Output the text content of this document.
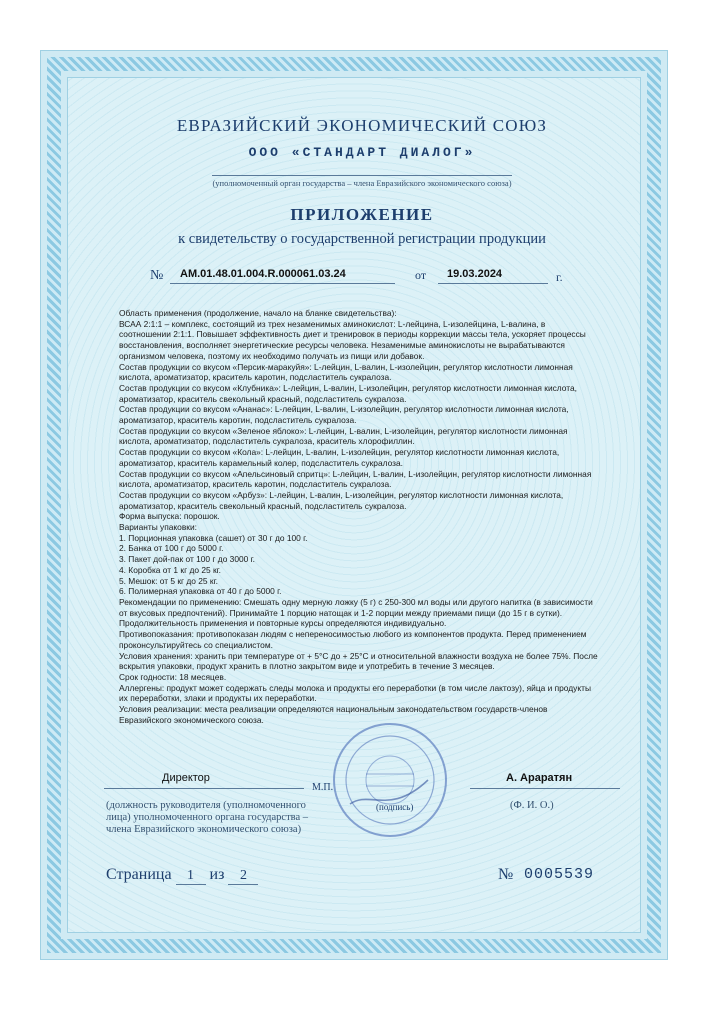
ЕВРАЗИЙСКИЙ ЭКОНОМИЧЕСКИЙ СОЮЗ
ООО «СТАНДАРТ ДИАЛОГ»
(уполномоченный орган государства – члена Евразийского экономического союза)
ПРИЛОЖЕНИЕ
к свидетельству о государственной регистрации продукции
№ AM.01.48.01.004.R.000061.03.24	от 19.03.2024	г.

Область применения (продолжение, начало на бланке свидетельства):

ВСАА 2:1:1 – комплекс, состоящий из трех незаменимых аминокислот: L-лейцина, L-изолейцина, L-валина, в соотношении 2:1:1. Повышает эффективность диет и тренировок в периоды коррекции массы тела, ускоряет процессы восстановления, восполняет энергетические ресурсы человека. Незаменимые аминокислоты не вырабатываются организмом человека, поэтому их необходимо получать из пищи или добавок.

Состав продукции со вкусом «Персик-маракуйя»: L-лейцин, L-валин, L-изолейцин, регулятор кислотности лимонная кислота, ароматизатор, краситель каротин, подсластитель сукралоза.

Состав продукции со вкусом «Клубника»: L-лейцин, L-валин, L-изолейцин, регулятор кислотности лимонная кислота, ароматизатор, краситель свекольный красный, подсластитель сукралоза.

Состав продукции со вкусом «Ананас»: L-лейцин, L-валин, L-изолейцин, регулятор кислотности лимонная кислота, ароматизатор, краситель каротин, подсластитель сукралоза.

Состав продукции со вкусом «Зеленое яблоко»: L-лейцин, L-валин, L-изолейцин, регулятор кислотности лимонная кислота, ароматизатор, подсластитель сукралоза, краситель хлорофиллин.

Состав продукции со вкусом «Кола»: L-лейцин, L-валин, L-изолейцин, регулятор кислотности лимонная кислота, ароматизатор, краситель карамельный колер, подсластитель сукралоза.

Состав продукции со вкусом «Апельсиновый спритц»: L-лейцин, L-валин, L-изолейцин, регулятор кислотности лимонная кислота, ароматизатор, краситель каротин, подсластитель сукралоза.

Состав продукции со вкусом «Арбуз»: L-лейцин, L-валин, L-изолейцин, регулятор кислотности лимонная кислота, ароматизатор, краситель свекольный красный, подсластитель сукралоза.

Форма выпуска: порошок.

Варианты упаковки:

1. Порционная упаковка (сашет) от 30 г до 100 г.

2. Банка от 100 г до 5000 г.

3. Пакет дой-пак от 100 г до 3000 г.

4. Коробка от 1 кг до 25 кг.

5. Мешок: от 5 кг до 25 кг.

6. Полимерная упаковка от 40 г до 5000 г.

Рекомендации по применению: Смешать одну мерную ложку (5 г) с 250-300 мл воды или другого напитка (в зависимости от вкусовых предпочтений). Принимайте 1 порцию натощак и 1-2 порции между приемами пищи (до 15 г в сутки). Продолжительность применения и повторные курсы определяются индивидуально.

Противопоказания: противопоказан людям с непереносимостью любого из компонентов продукта. Перед применением проконсультируйтесь со специалистом.

Условия хранения: хранить при температуре от + 5°С до + 25°С и относительной влажности воздуха не более 75%. После вскрытия упаковки, продукт хранить в плотно закрытом виде и употребить в течение 3 месяцев.

Срок годности: 18 месяцев.

Аллергены: продукт может содержать следы молока и продукты его переработки (в том числе лактозу), яйца и продукты их переработки, злаки и продукты их переработки.

Условия реализации: места реализации определяются национальным законодательством государств-членов Евразийского экономического союза.

Директор
М.П.
(подпись)
А. Араратян
(должность руководителя (уполномоченного лица) уполномоченного органа государства – члена Евразийского экономического союза)
(Ф. И. О.)
Страница 1 из 2	№ 0005539
